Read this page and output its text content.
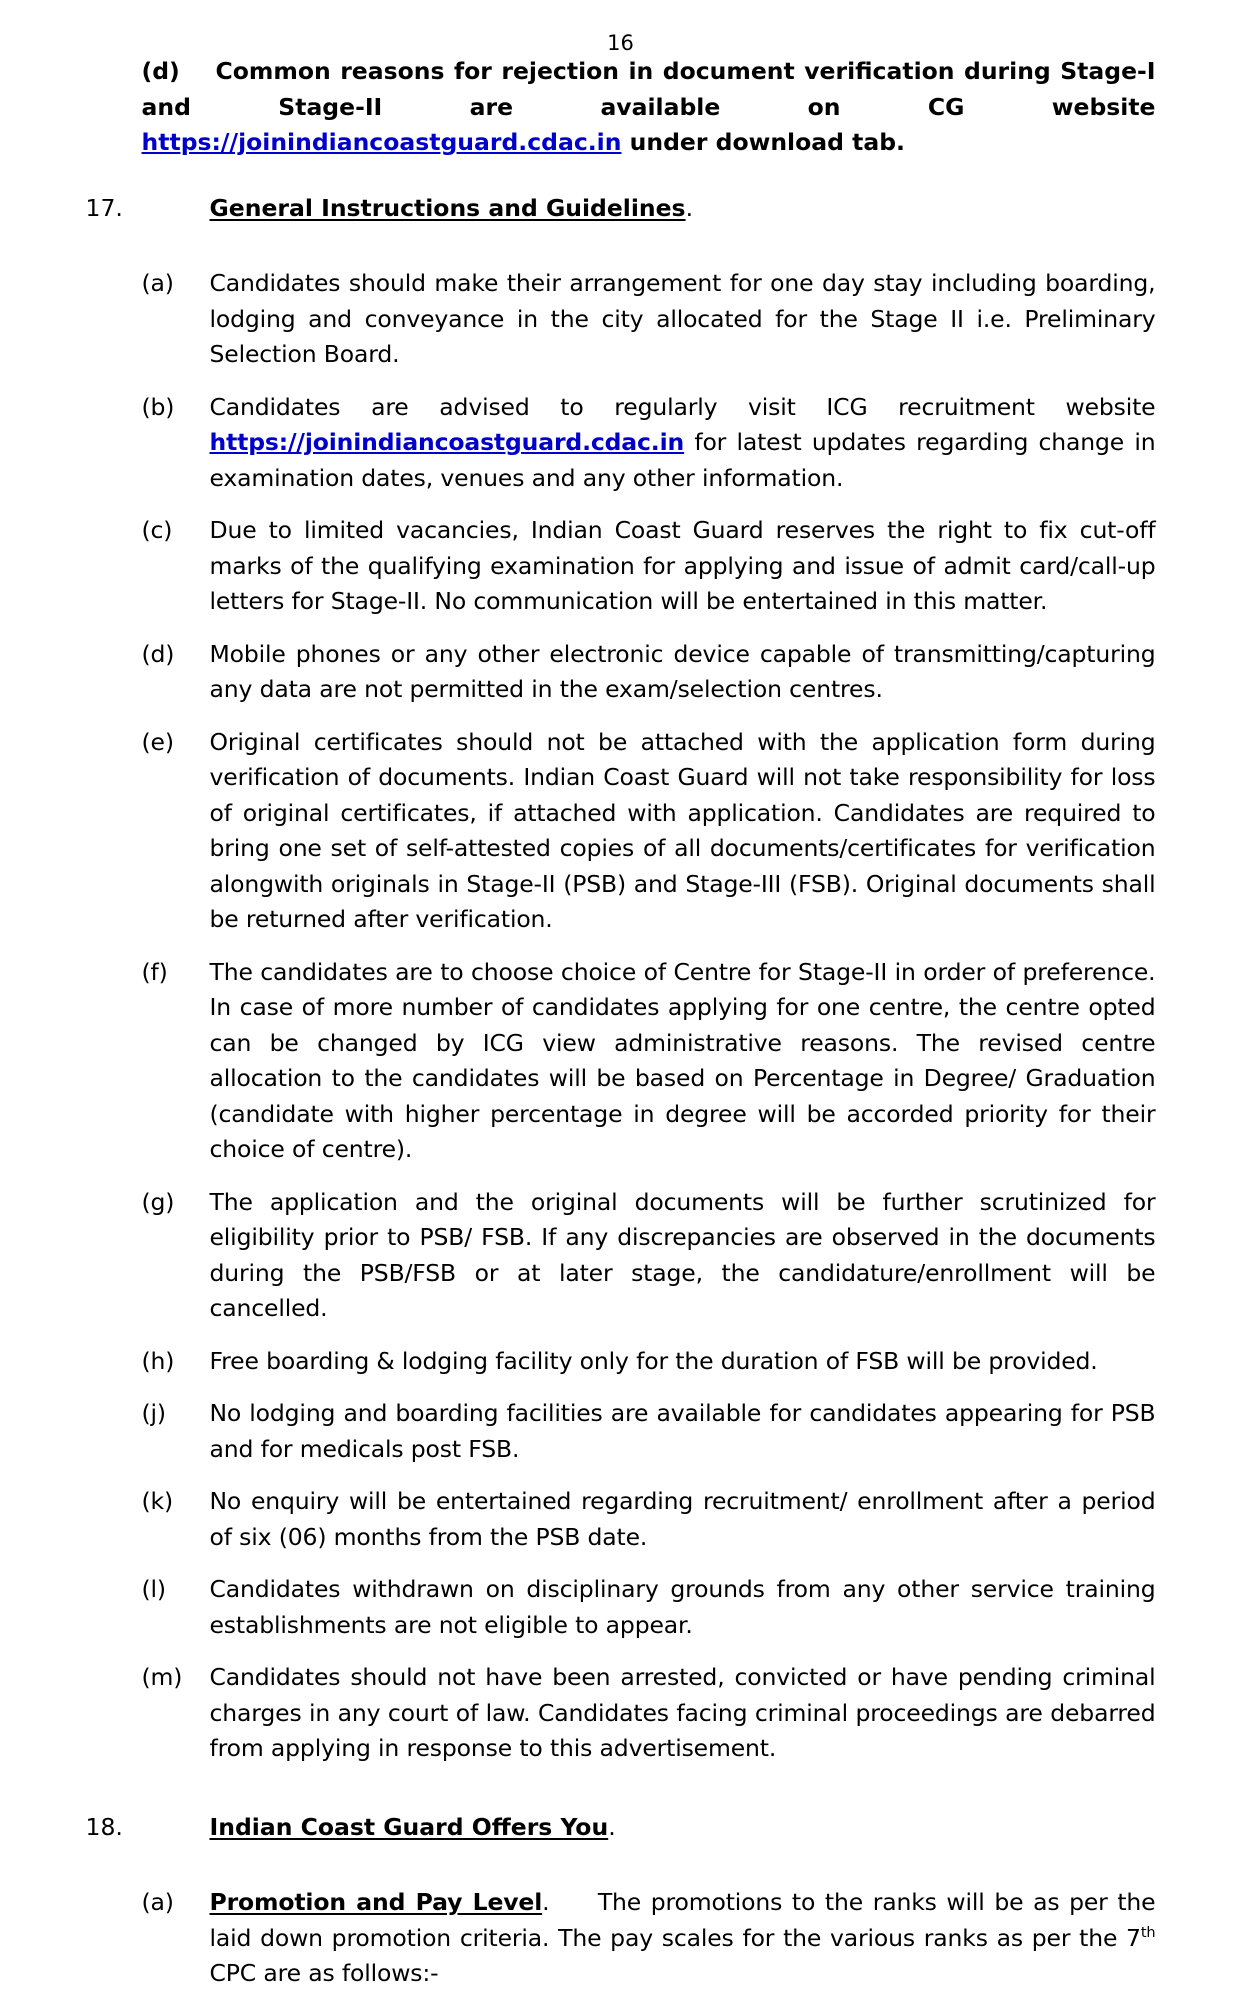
16
(d) Common reasons for rejection in document verification during Stage-I and Stage-II are available on CG website https://joinindiancoastguard.cdac.in under download tab.
17.	General Instructions and Guidelines.
(a)	Candidates should make their arrangement for one day stay including boarding, lodging and conveyance in the city allocated for the Stage II i.e. Preliminary Selection Board.
(b)	Candidates are advised to regularly visit ICG recruitment website https://joinindiancoastguard.cdac.in for latest updates regarding change in examination dates, venues and any other information.
(c)	Due to limited vacancies, Indian Coast Guard reserves the right to fix cut-off marks of the qualifying examination for applying and issue of admit card/call-up letters for Stage-II. No communication will be entertained in this matter.
(d)	Mobile phones or any other electronic device capable of transmitting/capturing any data are not permitted in the exam/selection centres.
(e)	Original certificates should not be attached with the application form during verification of documents. Indian Coast Guard will not take responsibility for loss of original certificates, if attached with application. Candidates are required to bring one set of self-attested copies of all documents/certificates for verification alongwith originals in Stage-II (PSB) and Stage-III (FSB). Original documents shall be returned after verification.
(f)	The candidates are to choose choice of Centre for Stage-II in order of preference. In case of more number of candidates applying for one centre, the centre opted can be changed by ICG view administrative reasons. The revised centre allocation to the candidates will be based on Percentage in Degree/ Graduation (candidate with higher percentage in degree will be accorded priority for their choice of centre).
(g)	The application and the original documents will be further scrutinized for eligibility prior to PSB/ FSB. If any discrepancies are observed in the documents during the PSB/FSB or at later stage, the candidature/enrollment will be cancelled.
(h)	Free boarding & lodging facility only for the duration of FSB will be provided.
(j)	No lodging and boarding facilities are available for candidates appearing for PSB and for medicals post FSB.
(k)	No enquiry will be entertained regarding recruitment/ enrollment after a period of six (06) months from the PSB date.
(l)	Candidates withdrawn on disciplinary grounds from any other service training establishments are not eligible to appear.
(m)	Candidates should not have been arrested, convicted or have pending criminal charges in any court of law. Candidates facing criminal proceedings are debarred from applying in response to this advertisement.
18.	Indian Coast Guard Offers You.
(a)	Promotion and Pay Level. The promotions to the ranks will be as per the laid down promotion criteria. The pay scales for the various ranks as per the 7th CPC are as follows:-
